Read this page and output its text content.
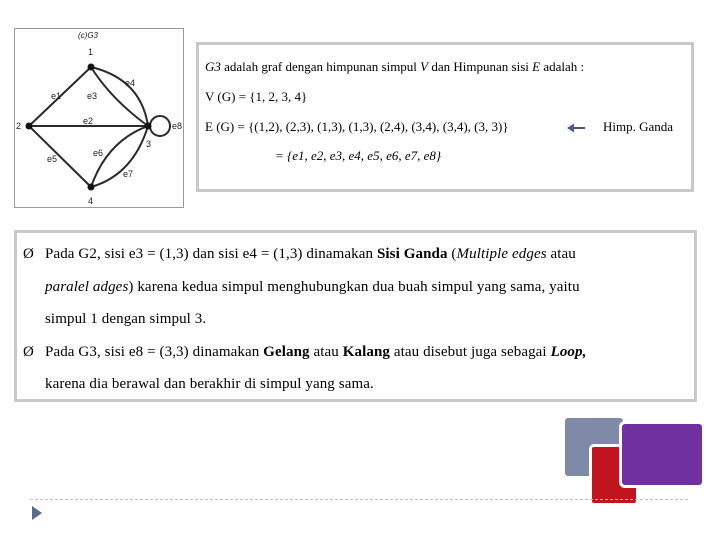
(c)G3
1
2
3
4
e1
e2
e3
e4
e5
e6
e7
e8
G3 adalah graf dengan himpunan simpul V dan Himpunan sisi E adalah :
V (G) = {1, 2, 3, 4}
E (G) = {(1,2), (2,3), (1,3), (1,3), (2,4), (3,4), (3,4), (3, 3)}	Himp. Ganda
= {e1, e2, e3, e4, e5, e6, e7, e8}
Ø Pada G2, sisi e3 = (1,3) dan sisi e4 = (1,3) dinamakan Sisi Ganda (Multiple edges atau
paralel adges) karena kedua simpul menghubungkan dua buah simpul yang sama, yaitu
simpul 1 dengan simpul 3.
Ø Pada G3, sisi e8 = (3,3) dinamakan Gelang atau Kalang atau disebut juga sebagai Loop,
karena dia berawal dan berakhir di simpul yang sama.
